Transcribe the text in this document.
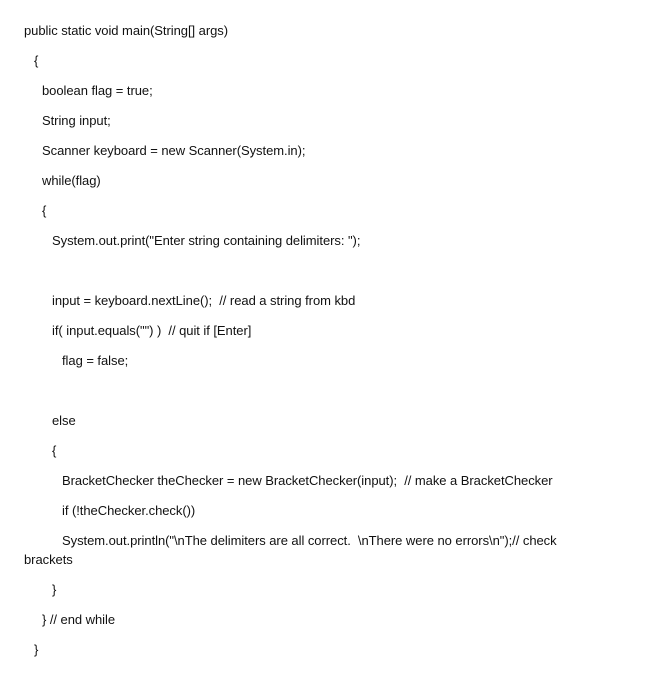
public static void main(String[] args)
{
boolean flag = true;
String input;
Scanner keyboard = new Scanner(System.in);
while(flag)
{
System.out.print("Enter string containing delimiters: ");
input = keyboard.nextLine();  // read a string from kbd
if( input.equals("") )  // quit if [Enter]
flag = false;
else
{
BracketChecker theChecker = new BracketChecker(input);  // make a BracketChecker
if (!theChecker.check())
System.out.println("\nThe delimiters are all correct.  \nThere were no errors\n");// check
brackets
}
} // end while
}
